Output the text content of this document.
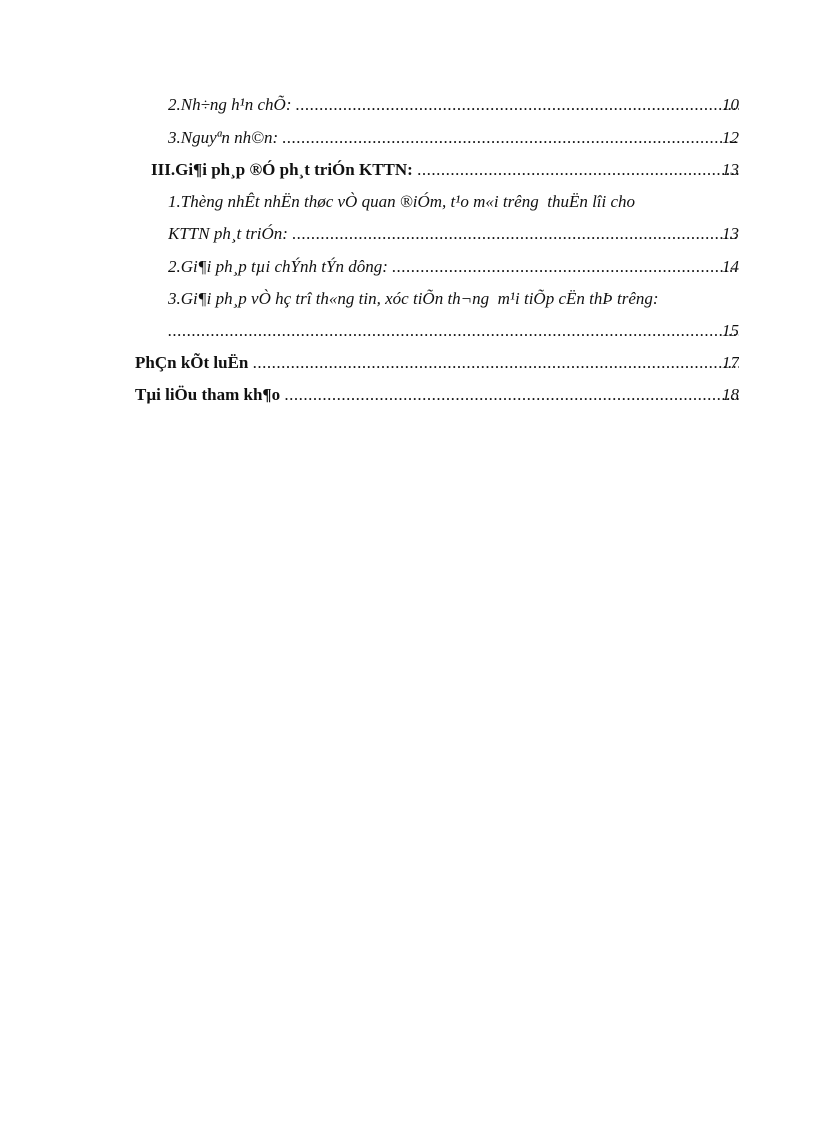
10
2.Nh÷ng h¹n chÕ: .....
12
3.Nguyªn nh©n: .....
13
III.Gi¶i ph¸p ®Ó ph¸t triÓn KTTN: .....
1.Thèng nhÊt nhËn thøc vÒ quan ®iÓm, t¹o m«i trêng  thuËn lîi cho
13
KTTN ph¸t triÓn: .....
14
2.Gi¶i ph¸p tµi chÝnh tÝn dông: .....
3.Gi¶i ph¸p vÒ hç trî th«ng tin, xóc tiÕn th¬ng  m¹i tiÕp cËn thÞ trêng:
15
.....
17
PhÇn kÕt luËn .....
18
Tµi liÖu tham kh¶o .....
